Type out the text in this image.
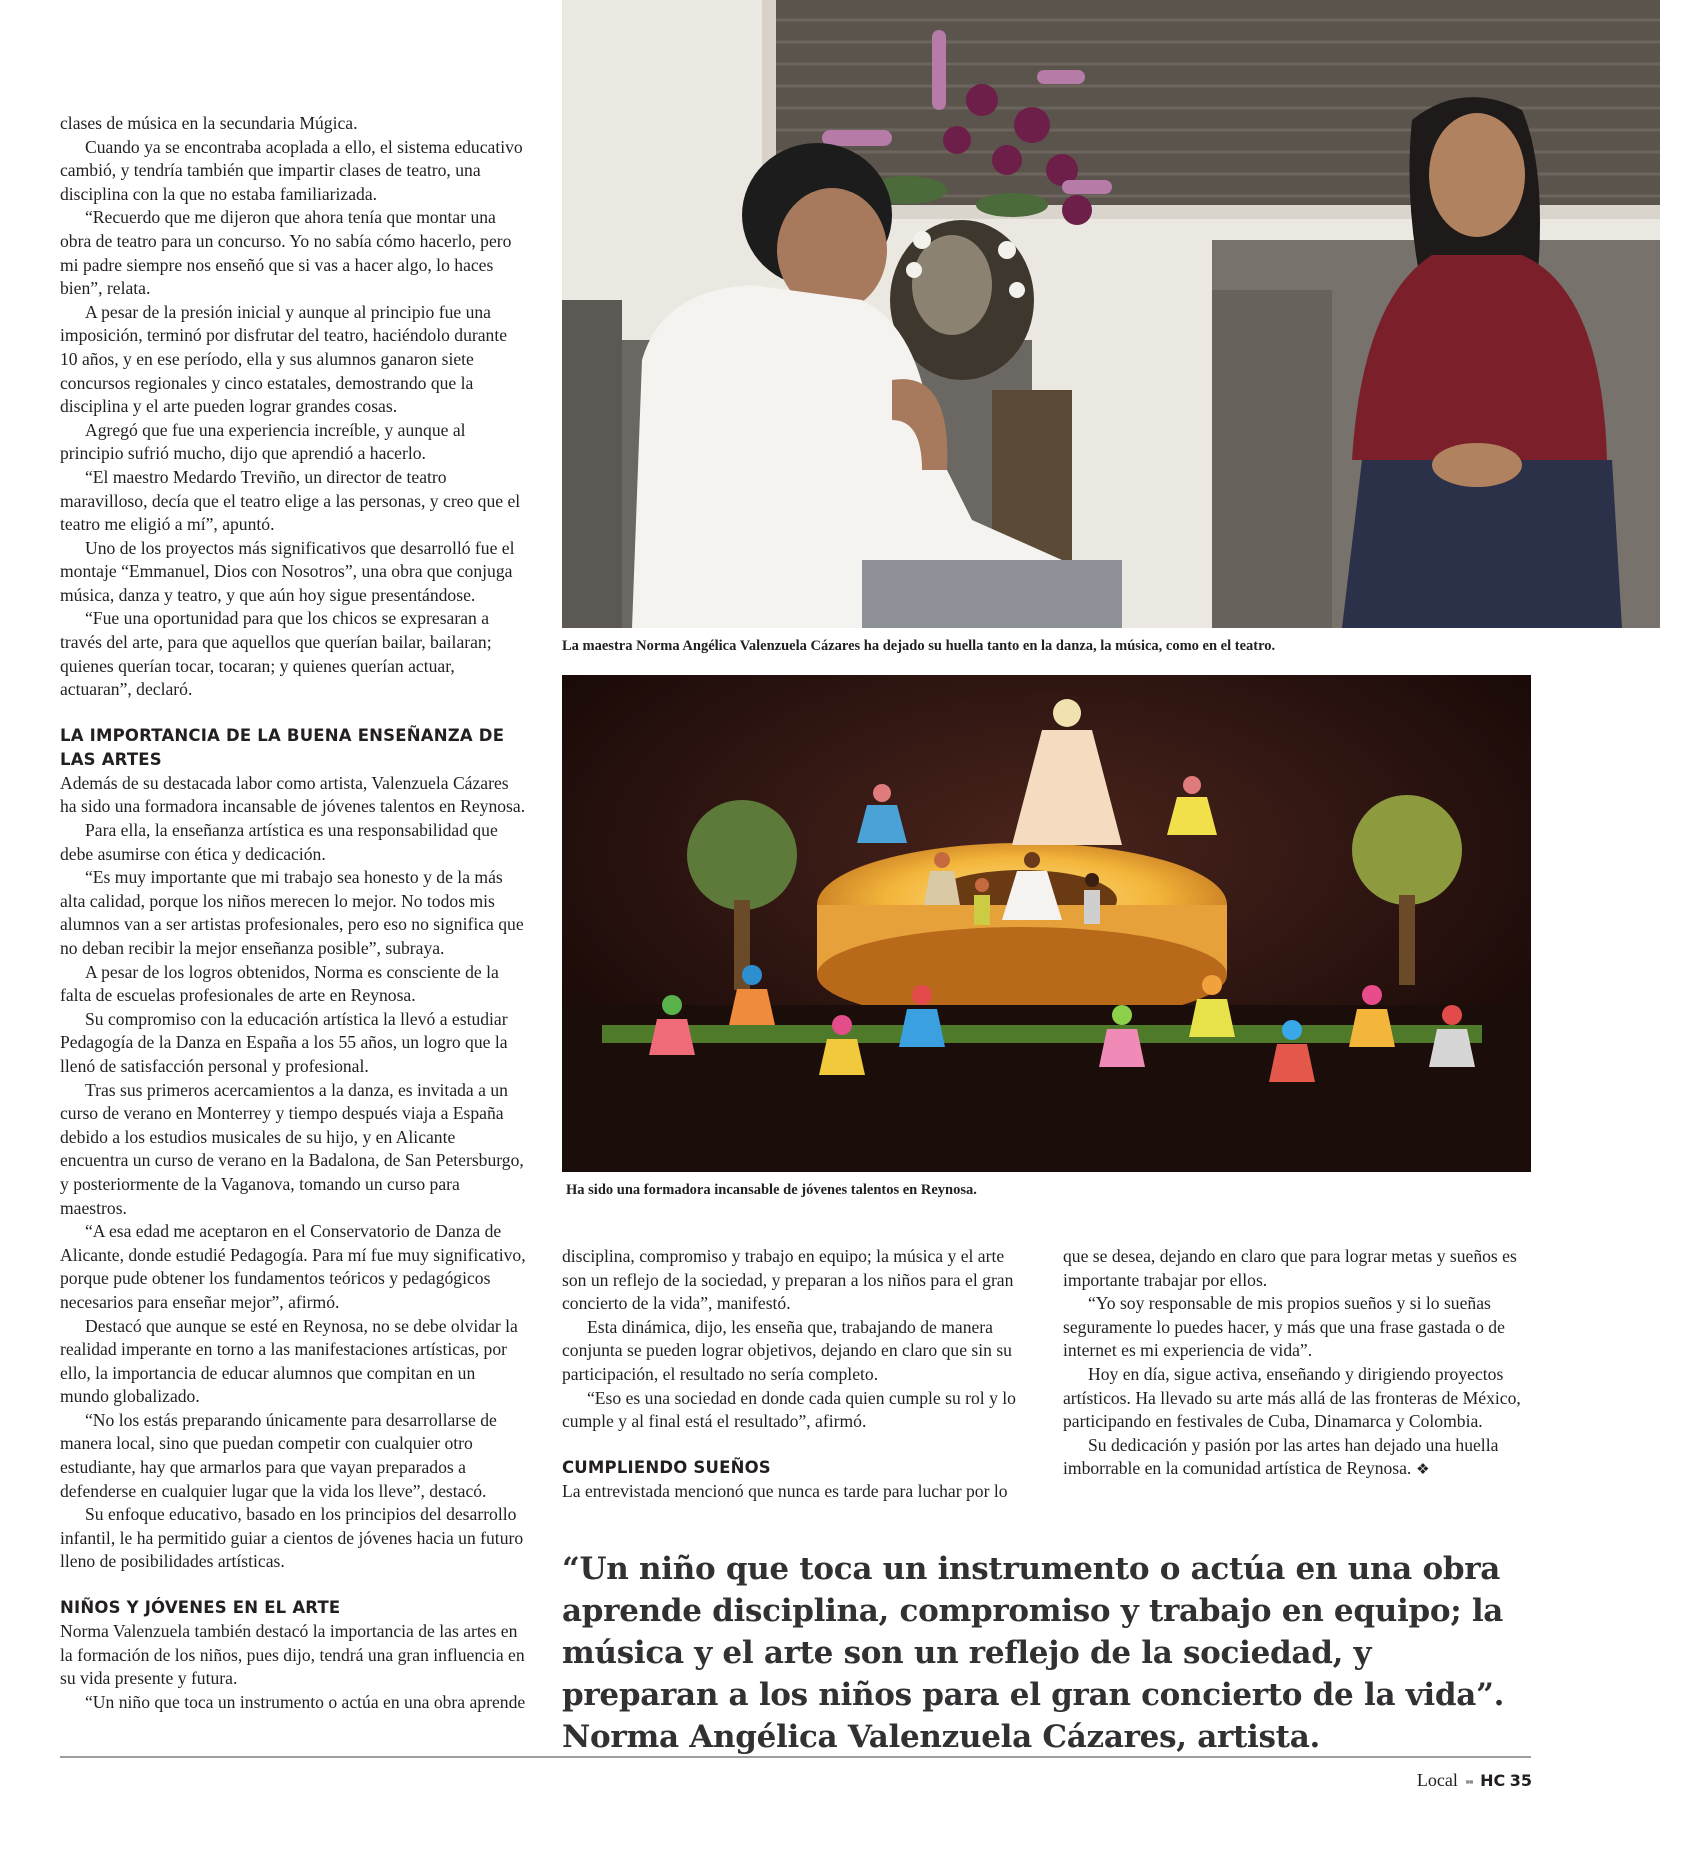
clases de música en la secundaria Múgica.

Cuando ya se encontraba acoplada a ello, el sistema educativo cambió, y tendría también que impartir clases de teatro, una disciplina con la que no estaba familiarizada.

“Recuerdo que me dijeron que ahora tenía que montar una obra de teatro para un concurso. Yo no sabía cómo hacerlo, pero mi padre siempre nos enseñó que si vas a hacer algo, lo haces bien”, relata.

A pesar de la presión inicial y aunque al principio fue una imposición, terminó por disfrutar del teatro, haciéndolo durante 10 años, y en ese período, ella y sus alumnos ganaron siete concursos regionales y cinco estatales, demostrando que la disciplina y el arte pueden lograr grandes cosas.

Agregó que fue una experiencia increíble, y aunque al principio sufrió mucho, dijo que aprendió a hacerlo.

“El maestro Medardo Treviño, un director de teatro maravilloso, decía que el teatro elige a las personas, y creo que el teatro me eligió a mí”, apuntó.

Uno de los proyectos más significativos que desarrolló fue el montaje “Emmanuel, Dios con Nosotros”, una obra que conjuga música, danza y teatro, y que aún hoy sigue presentándose.

“Fue una oportunidad para que los chicos se expresaran a través del arte, para que aquellos que querían bailar, bailaran; quienes querían tocar, tocaran; y quienes querían actuar, actuaran”, declaró.

LA IMPORTANCIA DE LA BUENA ENSEÑANZA DE LAS ARTES

Además de su destacada labor como artista, Valenzuela Cázares ha sido una formadora incansable de jóvenes talentos en Reynosa.

Para ella, la enseñanza artística es una responsabilidad que debe asumirse con ética y dedicación.

“Es muy importante que mi trabajo sea honesto y de la más alta calidad, porque los niños merecen lo mejor. No todos mis alumnos van a ser artistas profesionales, pero eso no significa que no deban recibir la mejor enseñanza posible”, subraya.

A pesar de los logros obtenidos, Norma es consciente de la falta de escuelas profesionales de arte en Reynosa.

Su compromiso con la educación artística la llevó a estudiar Pedagogía de la Danza en España a los 55 años, un logro que la llenó de satisfacción personal y profesional.

Tras sus primeros acercamientos a la danza, es invitada a un curso de verano en Monterrey y tiempo después viaja a España debido a los estudios musicales de su hijo, y en Alicante encuentra un curso de verano en la Badalona, de San Petersburgo, y posteriormente de la Vaganova, tomando un curso para maestros.

“A esa edad me aceptaron en el Conservatorio de Danza de Alicante, donde estudié Pedagogía. Para mí fue muy significativo, porque pude obtener los fundamentos teóricos y pedagógicos necesarios para enseñar mejor”, afirmó.

Destacó que aunque se esté en Reynosa, no se debe olvidar la realidad imperante en torno a las manifestaciones artísticas, por ello, la importancia de educar alumnos que compitan en un mundo globalizado.

“No los estás preparando únicamente para desarrollarse de manera local, sino que puedan competir con cualquier otro estudiante, hay que armarlos para que vayan preparados a defenderse en cualquier lugar que la vida los lleve”, destacó.

Su enfoque educativo, basado en los principios del desarrollo infantil, le ha permitido guiar a cientos de jóvenes hacia un futuro lleno de posibilidades artísticas.

NIÑOS Y JÓVENES EN EL ARTE

Norma Valenzuela también destacó la importancia de las artes en la formación de los niños, pues dijo, tendrá una gran influencia en su vida presente y futura.

“Un niño que toca un instrumento o actúa en una obra aprende

La maestra Norma Angélica Valenzuela Cázares ha dejado su huella tanto en la danza, la música, como en el teatro.
Ha sido una formadora incansable de jóvenes talentos en Reynosa.

disciplina, compromiso y trabajo en equipo; la música y el arte son un reflejo de la sociedad, y preparan a los niños para el gran concierto de la vida”, manifestó.

Esta dinámica, dijo, les enseña que, trabajando de manera conjunta se pueden lograr objetivos, dejando en claro que sin su participación, el resultado no sería completo.

“Eso es una sociedad en donde cada quien cumple su rol y lo cumple y al final está el resultado”, afirmó.

CUMPLIENDO SUEÑOS

La entrevistada mencionó que nunca es tarde para luchar por lo

que se desea, dejando en claro que para lograr metas y sueños es importante trabajar por ellos.

“Yo soy responsable de mis propios sueños y si lo sueñas seguramente lo puedes hacer, y más que una frase gastada o de internet es mi experiencia de vida”.

Hoy en día, sigue activa, enseñando y dirigiendo proyectos artísticos. Ha llevado su arte más allá de las fronteras de México, participando en festivales de Cuba, Dinamarca y Colombia.

Su dedicación y pasión por las artes han dejado una huella imborrable en la comunidad artística de Reynosa. ❖

“Un niño que toca un instrumento o actúa en una obra aprende disciplina, compromiso y trabajo en equipo; la música y el arte son un reflejo de la sociedad, y preparan a los niños para el gran concierto de la vida”. Norma Angélica Valenzuela Cázares, artista.
Local ▪▪ HC 35
